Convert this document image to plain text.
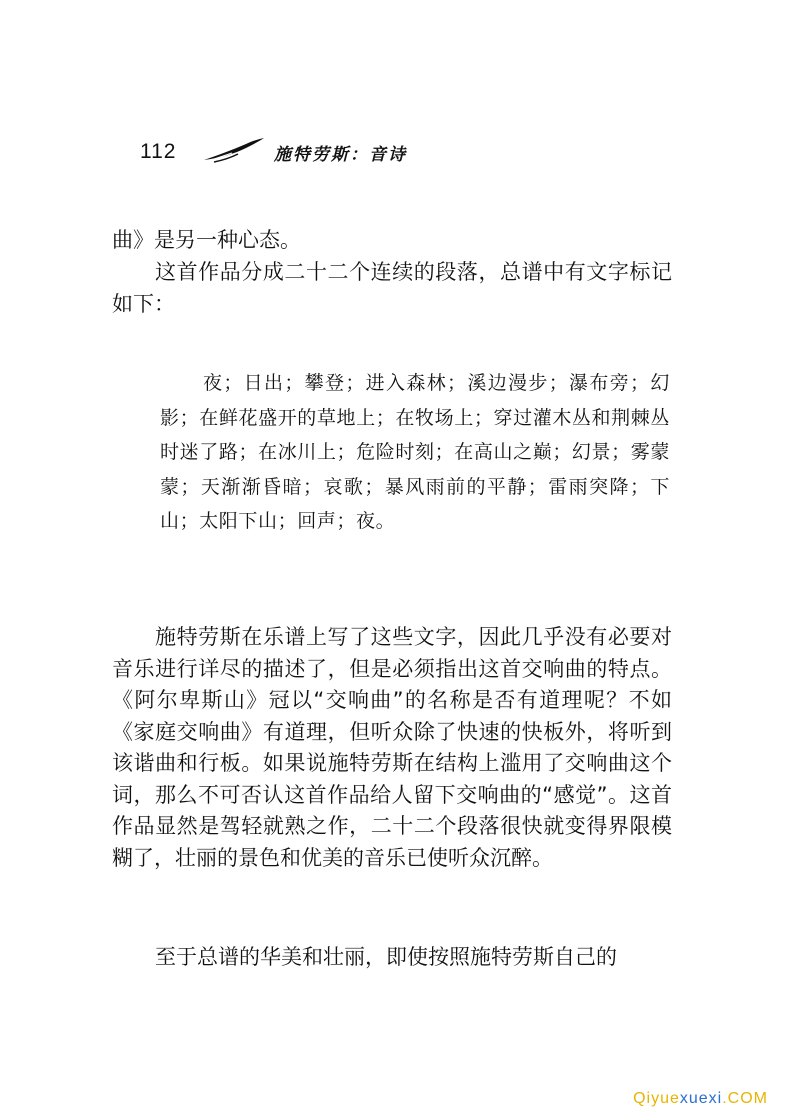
112	施特劳斯：音诗

曲》是另一种心态。

这首作品分成二十二个连续的段落，总谱中有文字标记如下：

夜；日出；攀登；进入森林；溪边漫步；瀑布旁；幻影；在鲜花盛开的草地上；在牧场上；穿过灌木丛和荆棘丛时迷了路；在冰川上；危险时刻；在高山之巅；幻景；雾蒙蒙；天渐渐昏暗；哀歌；暴风雨前的平静；雷雨突降；下山；太阳下山；回声；夜。

施特劳斯在乐谱上写了这些文字，因此几乎没有必要对音乐进行详尽的描述了，但是必须指出这首交响曲的特点。《阿尔卑斯山》冠以“交响曲”的名称是否有道理呢？不如《家庭交响曲》有道理，但听众除了快速的快板外，将听到该谐曲和行板。如果说施特劳斯在结构上滥用了交响曲这个词，那么不可否认这首作品给人留下交响曲的“感觉”。这首作品显然是驾轻就熟之作，二十二个段落很快就变得界限模糊了，壮丽的景色和优美的音乐已使听众沉醉。

至于总谱的华美和壮丽，即使按照施特劳斯自己的

Qiyuexuexi.COM
